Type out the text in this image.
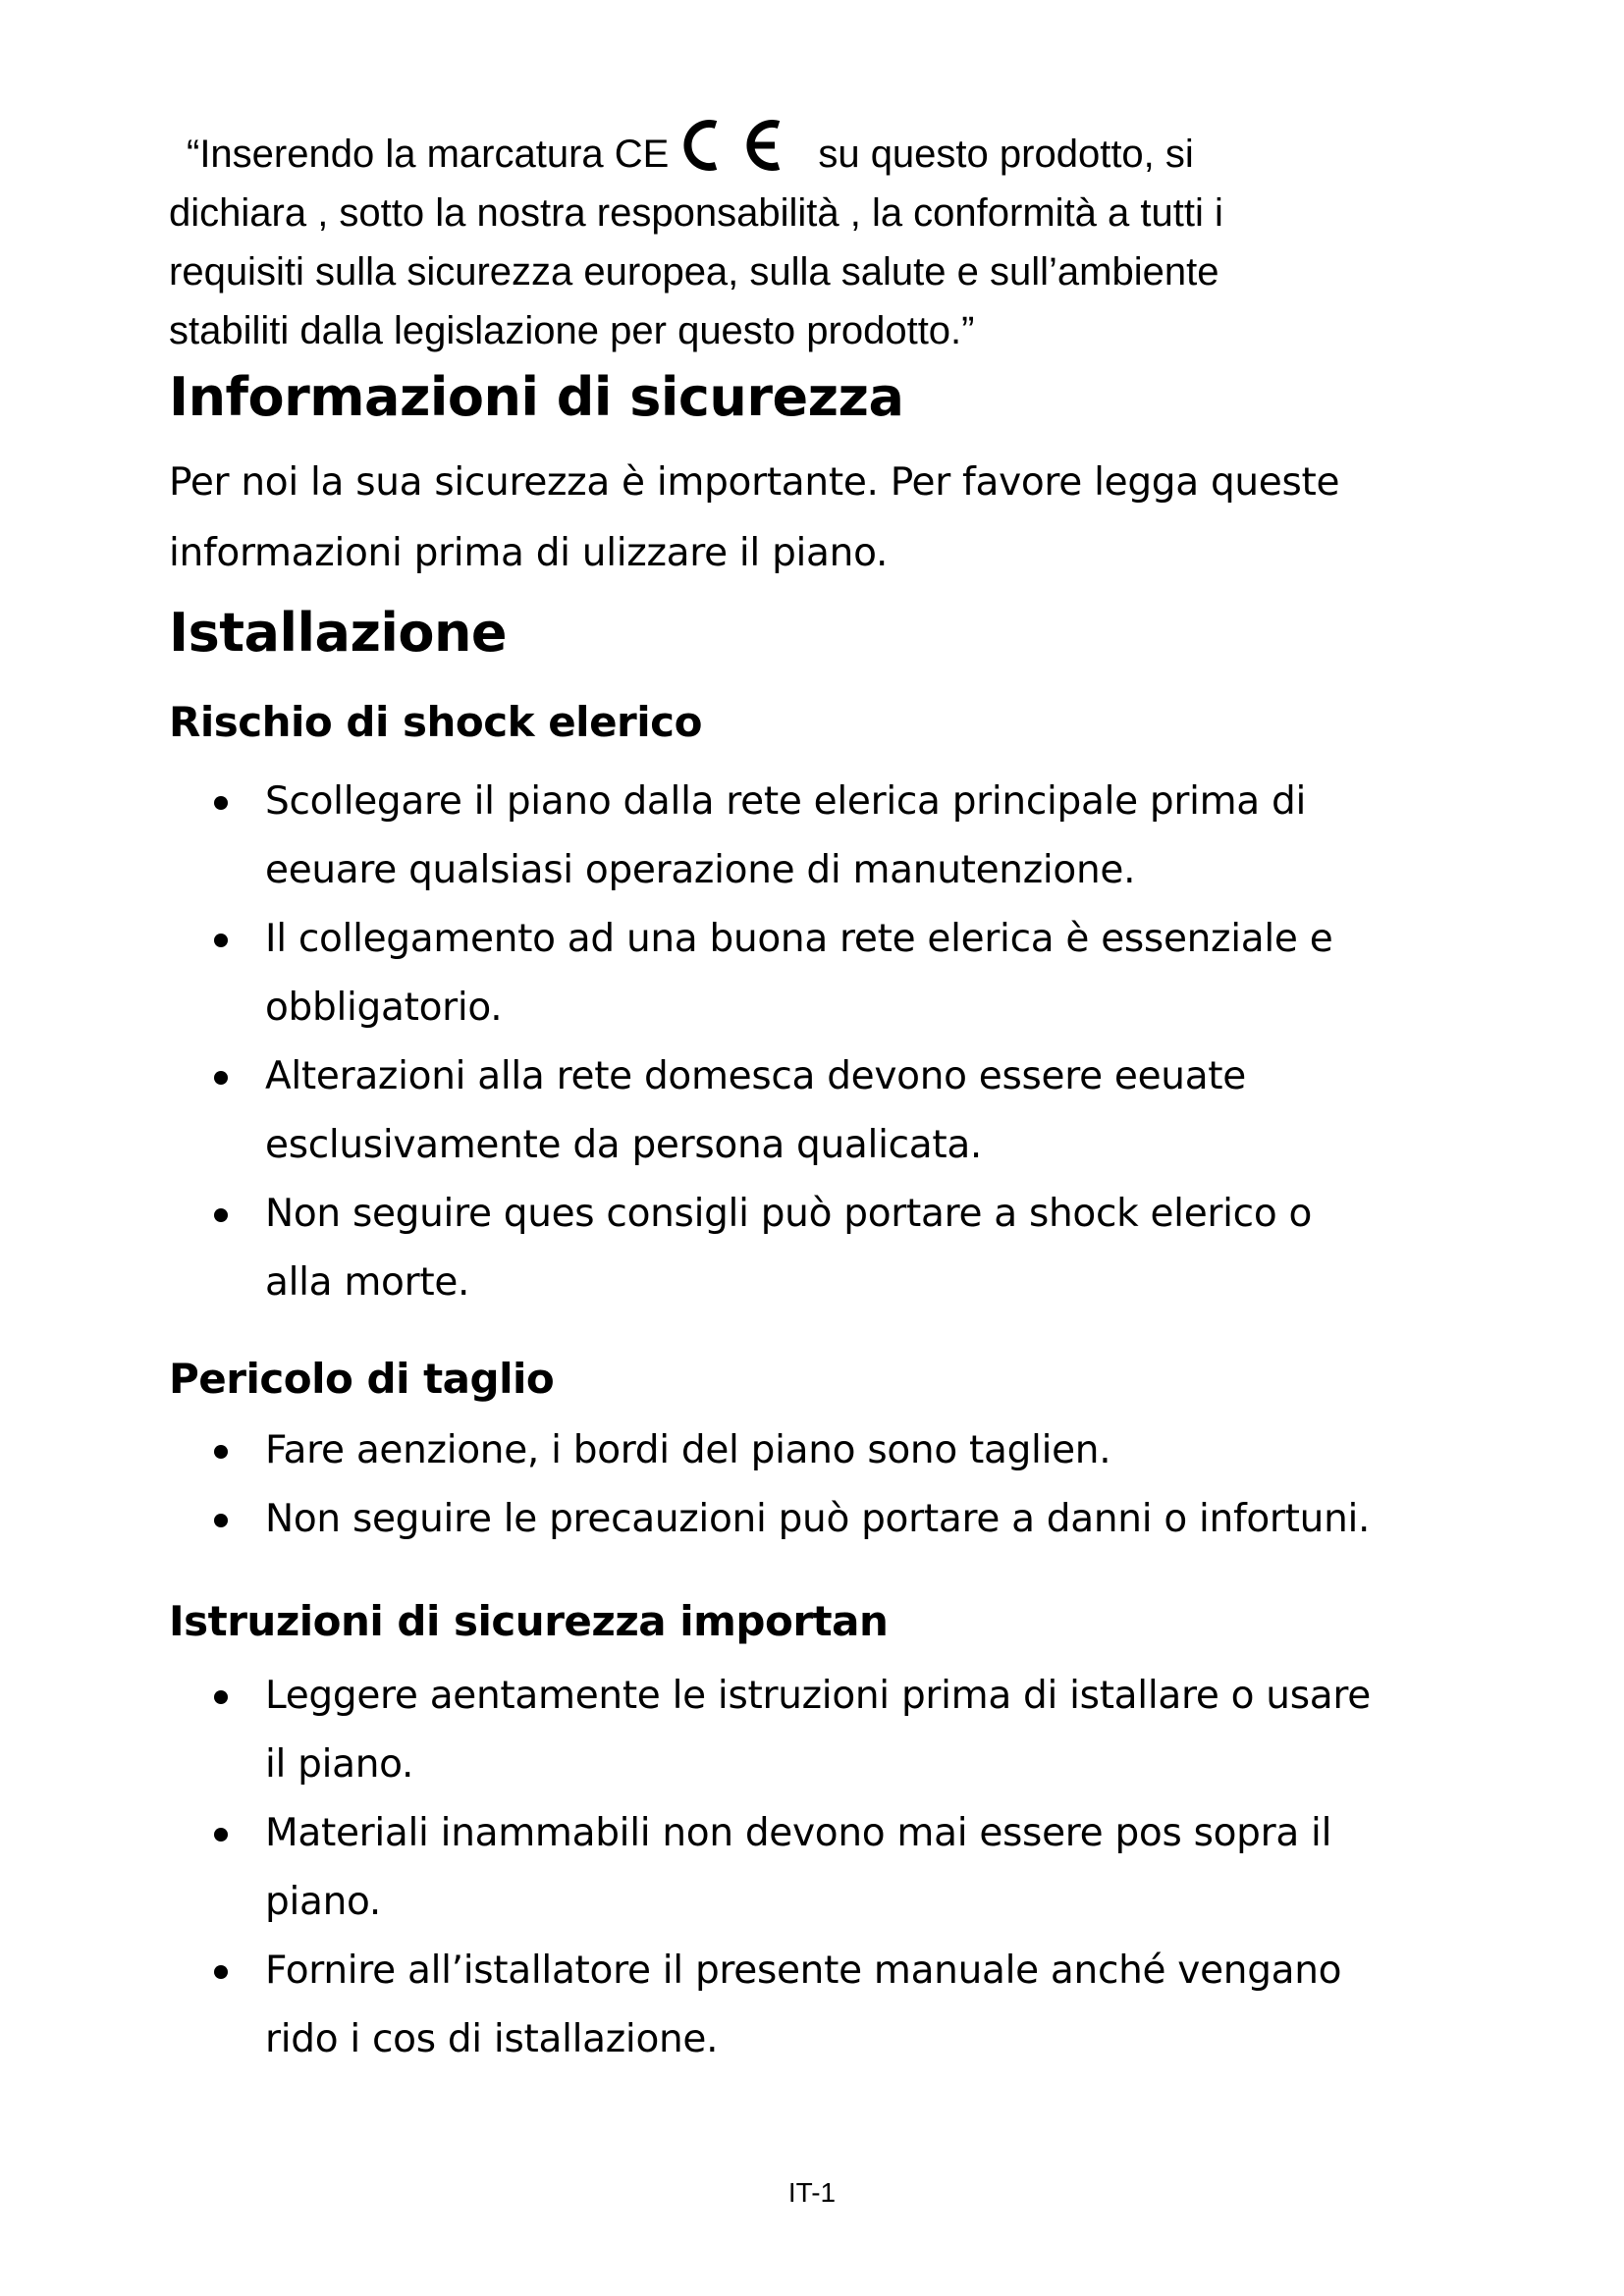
“Inserendo la marcatura CE	su questo prodotto, si
dichiara , sotto la nostra responsabilità , la conformità a tutti i
requisiti sulla sicurezza europea, sulla salute e sull’ambiente
stabiliti dalla legislazione per questo prodotto.”
Informazioni di sicurezza
Per noi la sua sicurezza è importante. Per favore legga queste
informazioni prima di ulizzare il piano.
Istallazione
Rischio di shock elerico
Scollegare il piano dalla rete elerica principale prima di
eeuare qualsiasi operazione di manutenzione.
Il collegamento ad una buona rete elerica è essenziale e
obbligatorio.
Alterazioni alla rete domesca devono essere eeuate
esclusivamente da persona qualicata.
Non seguire ques consigli può portare a shock elerico o
alla morte.
Pericolo di taglio
Fare aenzione, i bordi del piano sono taglien.
Non seguire le precauzioni può portare a danni o infortuni.
Istruzioni di sicurezza importan
Leggere aentamente le istruzioni prima di istallare o usare
il piano.
Materiali inammabili non devono mai essere pos sopra il
piano.
Fornire all’istallatore il presente manuale anché vengano
rido i cos di istallazione.
IT-1
